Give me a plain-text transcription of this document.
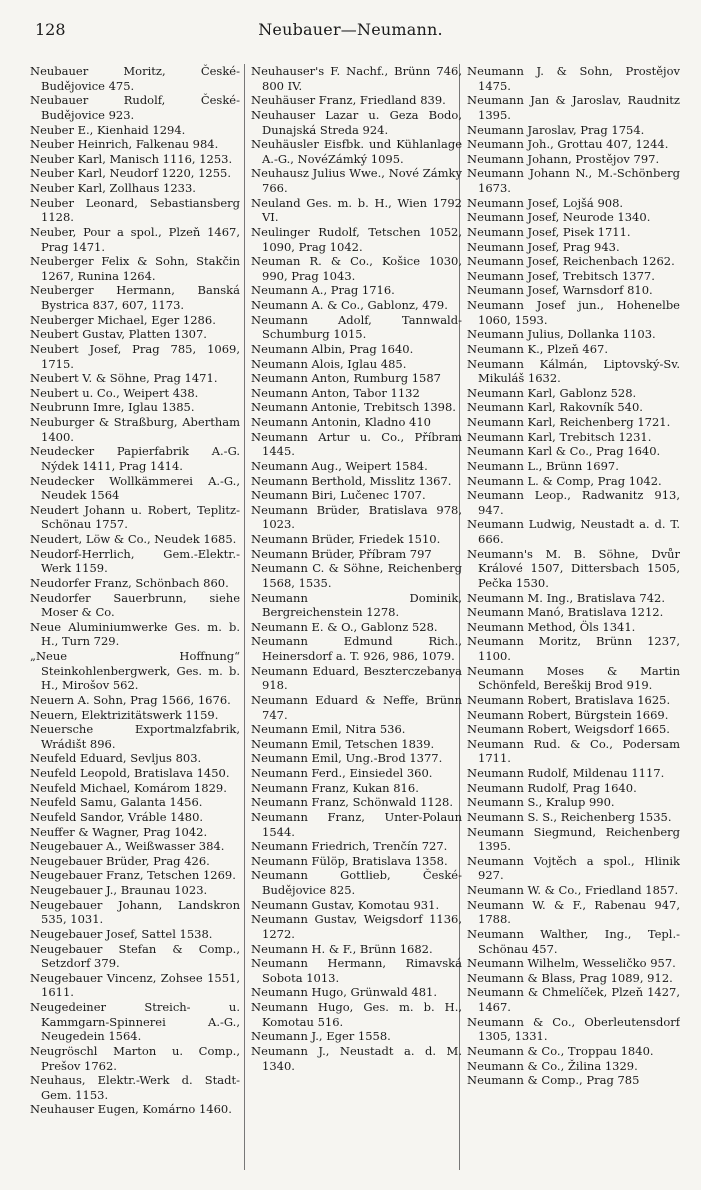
128	Neubauer—Neumann.
Neubauer Moritz, České-Budějovice 475.
Neubauer Rudolf, České-Budějovice 923.
Neuber E., Kienhaid 1294.
Neuber Heinrich, Falkenau 984.
Neuber Karl, Manisch 1116, 1253.
Neuber Karl, Neudorf 1220, 1255.
Neuber Karl, Zollhaus 1233.
Neuber Leonard, Sebastiansberg 1128.
Neuber, Pour a spol., Plzeň 1467, Prag 1471.
Neuberger Felix & Sohn, Stakčin 1267, Runina 1264.
Neuberger Hermann, Banská Bystrica 837, 607, 1173.
Neuberger Michael, Eger 1286.
Neubert Gustav, Platten 1307.
Neubert Josef, Prag 785, 1069, 1715.
Neubert V. & Söhne, Prag 1471.
Neubert u. Co., Weipert 438.
Neubrunn Imre, Iglau 1385.
Neuburger & Straßburg, Abertham 1400.
Neudecker Papierfabrik A.-G. Nýdek 1411, Prag 1414.
Neudecker Wollkämmerei A.-G., Neudek 1564
Neudert Johann u. Robert, Teplitz-Schönau 1757.
Neudert, Löw & Co., Neudek 1685.
Neudorf-Herrlich, Gem.-Elektr.-Werk 1159.
Neudorfer Franz, Schönbach 860.
Neudorfer Sauerbrunn, siehe Moser & Co.
Neue Aluminiumwerke Ges. m. b. H., Turn 729.
„Neue Hoffnung“ Steinkohlenbergwerk, Ges. m. b. H., Mirošov 562.
Neuern A. Sohn, Prag 1566, 1676.
Neuern, Elektrizitätswerk 1159.
Neuersche Exportmalzfabrik, Wrádišt 896.
Neufeld Eduard, Sevljus 803.
Neufeld Leopold, Bratislava 1450.
Neufeld Michael, Komárom 1829.
Neufeld Samu, Galanta 1456.
Neufeld Sandor, Vráble 1480.
Neuffer & Wagner, Prag 1042.
Neugebauer A., Weißwasser 384.
Neugebauer Brüder, Prag 426.
Neugebauer Franz, Tetschen 1269.
Neugebauer J., Braunau 1023.
Neugebauer Johann, Landskron 535, 1031.
Neugebauer Josef, Sattel 1538.
Neugebauer Stefan & Comp., Setzdorf 379.
Neugebauer Vincenz, Zohsee 1551, 1611.
Neugedeiner Streich- u. Kammgarn-Spinnerei A.-G., Neugedein 1564.
Neugröschl Marton u. Comp., Prešov 1762.
Neuhaus, Elektr.-Werk d. Stadt-Gem. 1153.
Neuhauser Eugen, Komárno 1460.
Neuhauser's F. Nachf., Brünn 746, 800 IV.
Neuhäuser Franz, Friedland 839.
Neuhauser Lazar u. Geza Bodo, Dunajská Streda 924.
Neuhäusler Eisfbk. und Kühlanlage A.-G., NovéZámký 1095.
Neuhausz Julius Wwe., Nové Zámky 766.
Neuland Ges. m. b. H., Wien 1792 VI.
Neulinger Rudolf, Tetschen 1052, 1090, Prag 1042.
Neuman R. & Co., Košice 1030, 990, Prag 1043.
Neumann A., Prag 1716.
Neumann A. & Co., Gablonz, 479.
Neumann Adolf, Tannwald-Schumburg 1015.
Neumann Albin, Prag 1640.
Neumann Alois, Iglau 485.
Neumann Anton, Rumburg 1587
Neumann Anton, Tabor 1132
Neumann Antonie, Trebitsch 1398.
Neumann Antonin, Kladno 410
Neumann Artur u. Co., Příbram 1445.
Neumann Aug., Weipert 1584.
Neumann Berthold, Misslitz 1367.
Neumann Biri, Lučenec 1707.
Neumann Brüder, Bratislava 978, 1023.
Neumann Brüder, Friedek 1510.
Neumann Brüder, Příbram 797
Neumann C. & Söhne, Reichenberg 1568, 1535.
Neumann Dominik, Bergreichenstein 1278.
Neumann E. & O., Gablonz 528.
Neumann Edmund Rich., Heinersdorf a. T. 926, 986, 1079.
Neumann Eduard, Beszterczebanya 918.
Neumann Eduard & Neffe, Brünn 747.
Neumann Emil, Nitra 536.
Neumann Emil, Tetschen 1839.
Neumann Emil, Ung.-Brod 1377.
Neumann Ferd., Einsiedel 360.
Neumann Franz, Kukan 816.
Neumann Franz, Schönwald 1128.
Neumann Franz, Unter-Polaun 1544.
Neumann Friedrich, Trenčín 727.
Neumann Fülöp, Bratislava 1358.
Neumann Gottlieb, České-Budějovice 825.
Neumann Gustav, Komotau 931.
Neumann Gustav, Weigsdorf 1136, 1272.
Neumann H. & F., Brünn 1682.
Neumann Hermann, Rimavská Sobota 1013.
Neumann Hugo, Grünwald 481.
Neumann Hugo, Ges. m. b. H., Komotau 516.
Neumann J., Eger 1558.
Neumann J., Neustadt a. d. M. 1340.
Neumann J. & Sohn, Prostějov 1475.
Neumann Jan & Jaroslav, Raudnitz 1395.
Neumann Jaroslav, Prag 1754.
Neumann Joh., Grottau 407, 1244.
Neumann Johann, Prostějov 797.
Neumann Johann N., M.-Schönberg 1673.
Neumann Josef, Lojšá 908.
Neumann Josef, Neurode 1340.
Neumann Josef, Pisek 1711.
Neumann Josef, Prag 943.
Neumann Josef, Reichenbach 1262.
Neumann Josef, Trebitsch 1377.
Neumann Josef, Warnsdorf 810.
Neumann Josef jun., Hohenelbe 1060, 1593.
Neumann Julius, Dollanka 1103.
Neumann K., Plzeň 467.
Neumann Kálmán, Liptovský-Sv. Mikuláš 1632.
Neumann Karl, Gablonz 528.
Neumann Karl, Rakovník 540.
Neumann Karl, Reichenberg 1721.
Neumann Karl, Trebitsch 1231.
Neumann Karl & Co., Prag 1640.
Neumann L., Brünn 1697.
Neumann L. & Comp, Prag 1042.
Neumann Leop., Radwanitz 913, 947.
Neumann Ludwig, Neustadt a. d. T. 666.
Neumann's M. B. Söhne, Dvůr Králové 1507, Dittersbach 1505, Pečka 1530.
Neumann M. Ing., Bratislava 742.
Neumann Manó, Bratislava 1212.
Neumann Method, Öls 1341.
Neumann Moritz, Brünn 1237, 1100.
Neumann Moses & Martin Schönfeld, Bereškij Brod 919.
Neumann Robert, Bratislava 1625.
Neumann Robert, Bürgstein 1669.
Neumann Robert, Weigsdorf 1665.
Neumann Rud. & Co., Podersam 1711.
Neumann Rudolf, Mildenau 1117.
Neumann Rudolf, Prag 1640.
Neumann S., Kralup 990.
Neumann S. S., Reichenberg 1535.
Neumann Siegmund, Reichenberg 1395.
Neumann Vojtěch a spol., Hlinik 927.
Neumann W. & Co., Friedland 1857.
Neumann W. & F., Rabenau 947, 1788.
Neumann Walther, Ing., Tepl.-Schönau 457.
Neumann Wilhelm, Wesseličko 957.
Neumann & Blass, Prag 1089, 912.
Neumann & Chmelíček, Plzeň 1427, 1467.
Neumann & Co., Oberleutensdorf 1305, 1331.
Neumann & Co., Troppau 1840.
Neumann & Co., Žilina 1329.
Neumann & Comp., Prag 785
